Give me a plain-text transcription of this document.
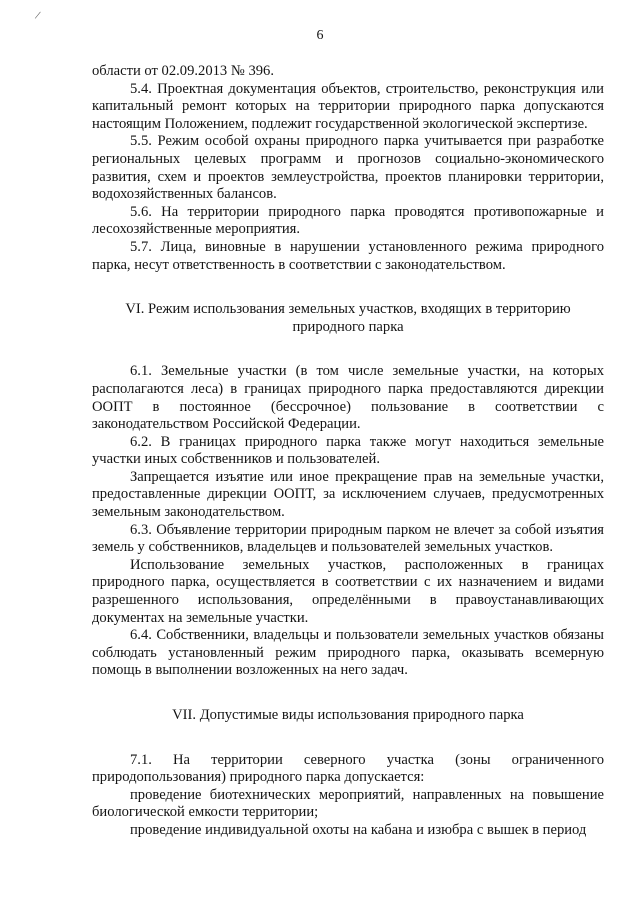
/
6

области от 02.09.2013 № 396.

5.4. Проектная документация объектов, строительство, реконструкция или капитальный ремонт которых на территории природного парка допускаются настоящим Положением, подлежит государственной экологической экспертизе.

5.5. Режим особой охраны природного парка учитывается при разработке региональных целевых программ и прогнозов социально-экономического развития, схем и проектов землеустройства, проектов планировки территории, водохозяйственных балансов.

5.6. На территории природного парка проводятся противопожарные и лесохозяйственные мероприятия.

5.7. Лица, виновные в нарушении установленного режима природного парка, несут ответственность в соответствии с законодательством.

VI. Режим использования земельных участков, входящих в территорию природного парка

6.1. Земельные участки (в том числе земельные участки, на которых располагаются леса) в границах природного парка предоставляются дирекции ООПТ в постоянное (бессрочное) пользование в соответствии с законодательством Российской Федерации.

6.2. В границах природного парка также могут находиться земельные участки иных собственников и пользователей.

Запрещается изъятие или иное прекращение прав на земельные участки, предоставленные дирекции ООПТ, за исключением случаев, предусмотренных земельным законодательством.

6.3. Объявление территории природным парком не влечет за собой изъятия земель у собственников, владельцев и пользователей земельных участков.

Использование земельных участков, расположенных в границах природного парка, осуществляется в соответствии с их назначением и видами разрешенного использования, определёнными в правоустанавливающих документах на земельные участки.

6.4. Собственники, владельцы и пользователи земельных участков обязаны соблюдать установленный режим природного парка, оказывать всемерную помощь в выполнении возложенных на него задач.

VII. Допустимые виды использования природного парка

7.1. На территории северного участка (зоны ограниченного природопользования) природного парка допускается:

проведение биотехнических мероприятий, направленных на повышение биологической емкости территории;

проведение индивидуальной охоты на кабана и изюбра с вышек в период
